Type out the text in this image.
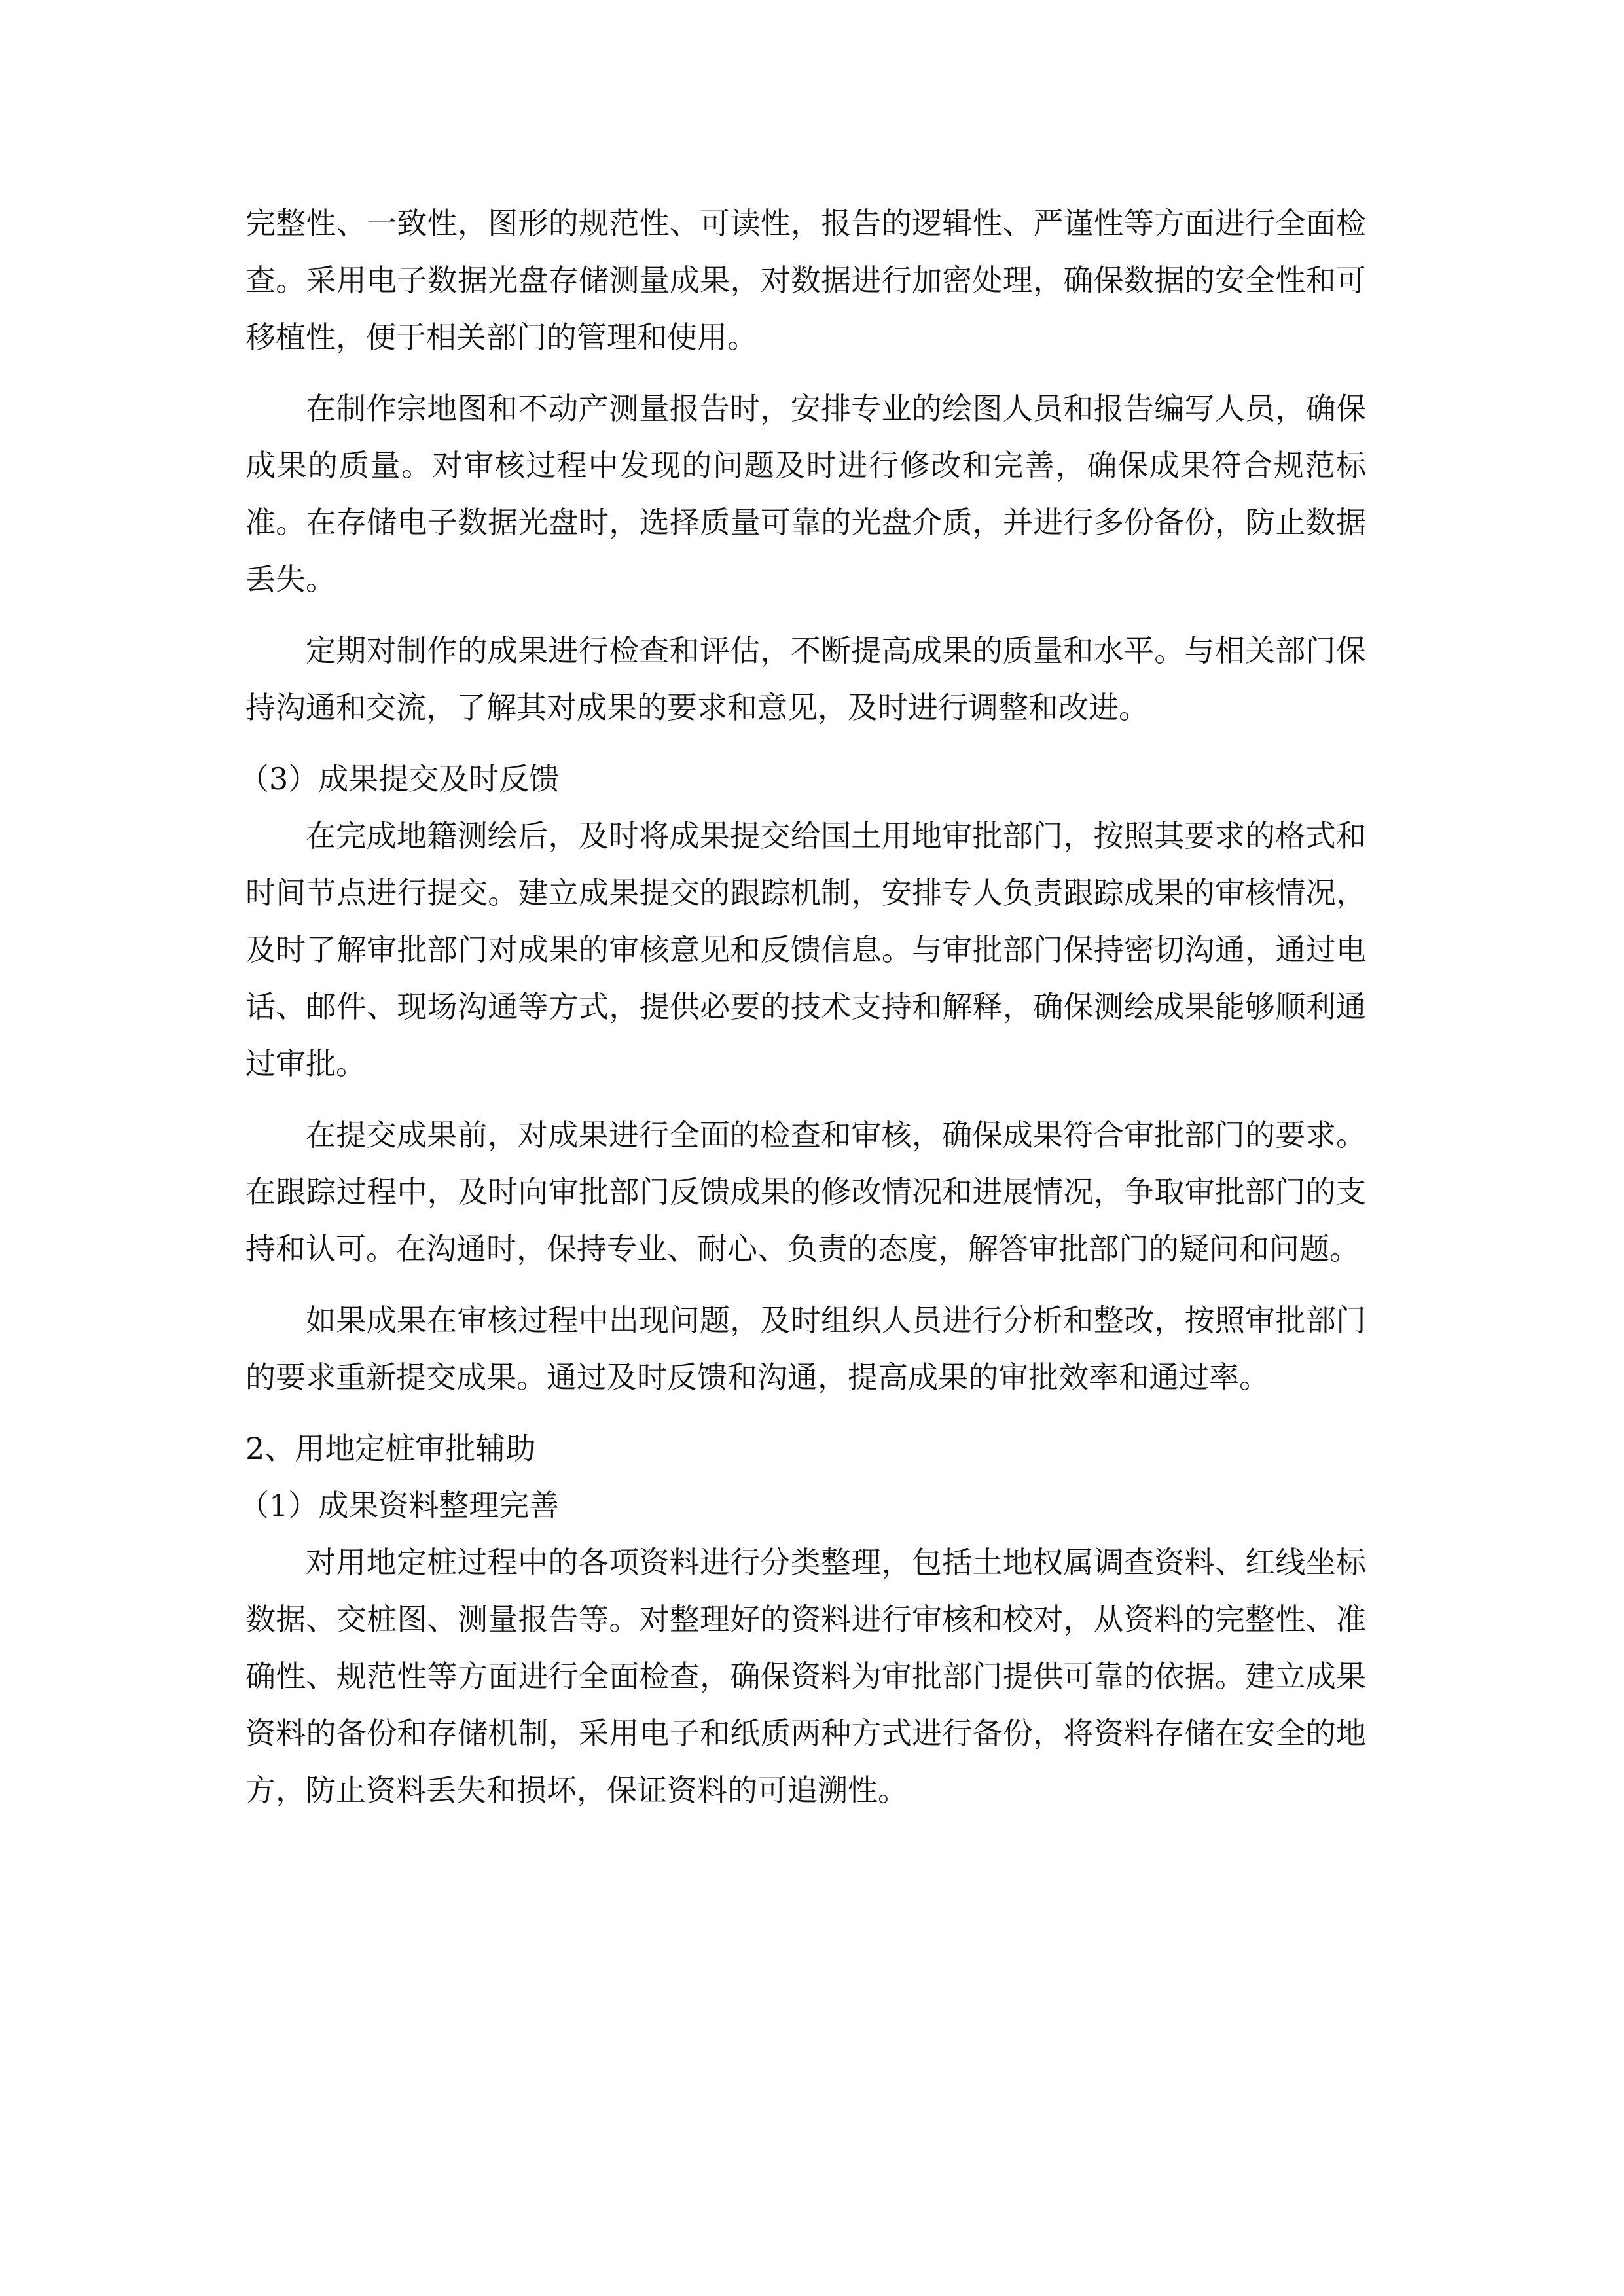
完整性、一致性，图形的规范性、可读性，报告的逻辑性、严谨性等方面进行全面检查。采用电子数据光盘存储测量成果，对数据进行加密处理，确保数据的安全性和可移植性，便于相关部门的管理和使用。

在制作宗地图和不动产测量报告时，安排专业的绘图人员和报告编写人员，确保成果的质量。对审核过程中发现的问题及时进行修改和完善，确保成果符合规范标准。在存储电子数据光盘时，选择质量可靠的光盘介质，并进行多份备份，防止数据丢失。

定期对制作的成果进行检查和评估，不断提高成果的质量和水平。与相关部门保持沟通和交流，了解其对成果的要求和意见，及时进行调整和改进。

（3）成果提交及时反馈

在完成地籍测绘后，及时将成果提交给国土用地审批部门，按照其要求的格式和时间节点进行提交。建立成果提交的跟踪机制，安排专人负责跟踪成果的审核情况，及时了解审批部门对成果的审核意见和反馈信息。与审批部门保持密切沟通，通过电话、邮件、现场沟通等方式，提供必要的技术支持和解释，确保测绘成果能够顺利通过审批。

在提交成果前，对成果进行全面的检查和审核，确保成果符合审批部门的要求。在跟踪过程中，及时向审批部门反馈成果的修改情况和进展情况，争取审批部门的支持和认可。在沟通时，保持专业、耐心、负责的态度，解答审批部门的疑问和问题。

如果成果在审核过程中出现问题，及时组织人员进行分析和整改，按照审批部门的要求重新提交成果。通过及时反馈和沟通，提高成果的审批效率和通过率。

2、用地定桩审批辅助

（1）成果资料整理完善

对用地定桩过程中的各项资料进行分类整理，包括土地权属调查资料、红线坐标数据、交桩图、测量报告等。对整理好的资料进行审核和校对，从资料的完整性、准确性、规范性等方面进行全面检查，确保资料为审批部门提供可靠的依据。建立成果资料的备份和存储机制，采用电子和纸质两种方式进行备份，将资料存储在安全的地方，防止资料丢失和损坏，保证资料的可追溯性。
